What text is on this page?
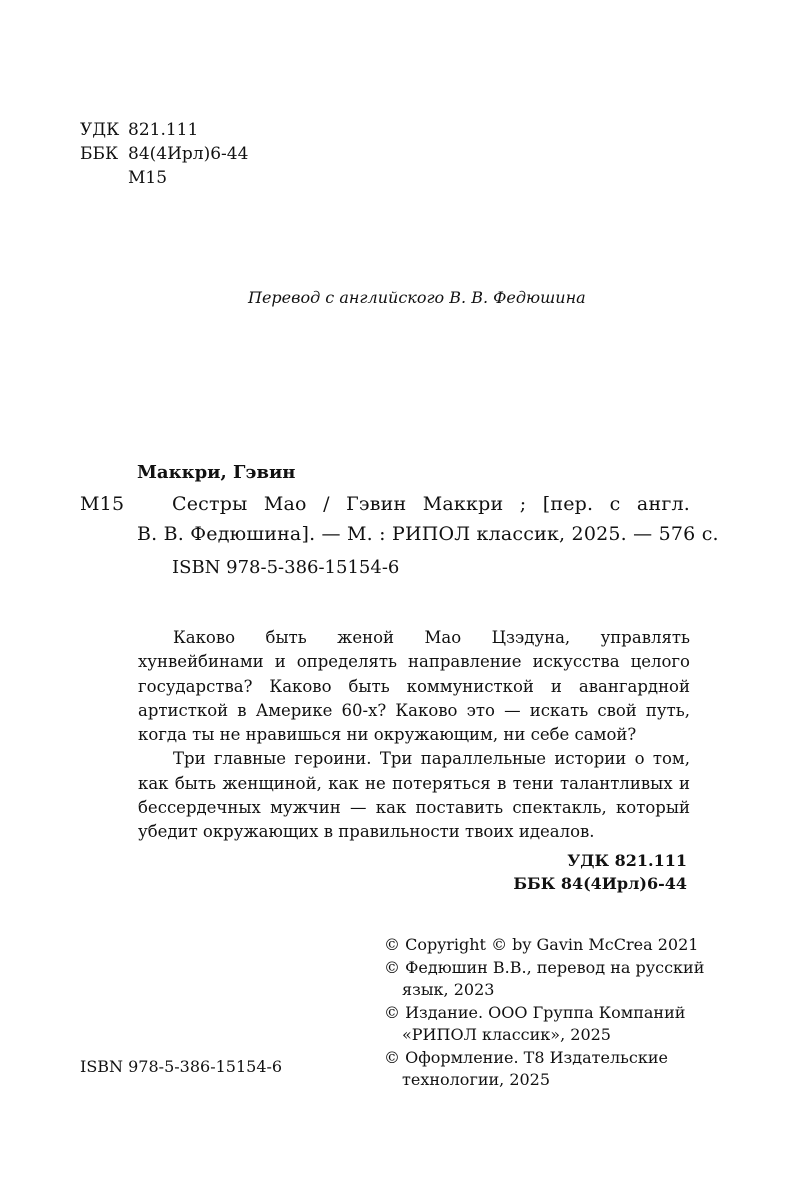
УДК 821.111
ББК 84(4Ирл)6-44
М15
Перевод с английского В. В. Федюшина
Маккри, Гэвин
М15	Сестры Мао / Гэвин Маккри ; [пер. с англ.
В. В. Федюшина]. — М. : РИПОЛ классик, 2025. — 576 с.
ISBN 978-5-386-15154-6

Каково быть женой Мао Цзэдуна, управлять хунвейбинами и определять направление искусства целого государства? Каково быть коммунисткой и авангардной артисткой в Америке 60-х? Каково это — искать свой путь, когда ты не нравишься ни окружающим, ни себе самой?

Три главные героини. Три параллельные истории о том, как быть женщиной, как не потеряться в тени талантливых и бессердечных мужчин — как поставить спектакль, который убедит окружающих в правильности твоих идеалов.

УДК 821.111
ББК 84(4Ирл)6-44
© Copyright © by Gavin McCrea 2021
© Федюшин В.В., перевод на русский
язык, 2023
© Издание. ООО Группа Компаний
«РИПОЛ классик», 2025
© Оформление. Т8 Издательские
технологии, 2025
ISBN 978-5-386-15154-6
